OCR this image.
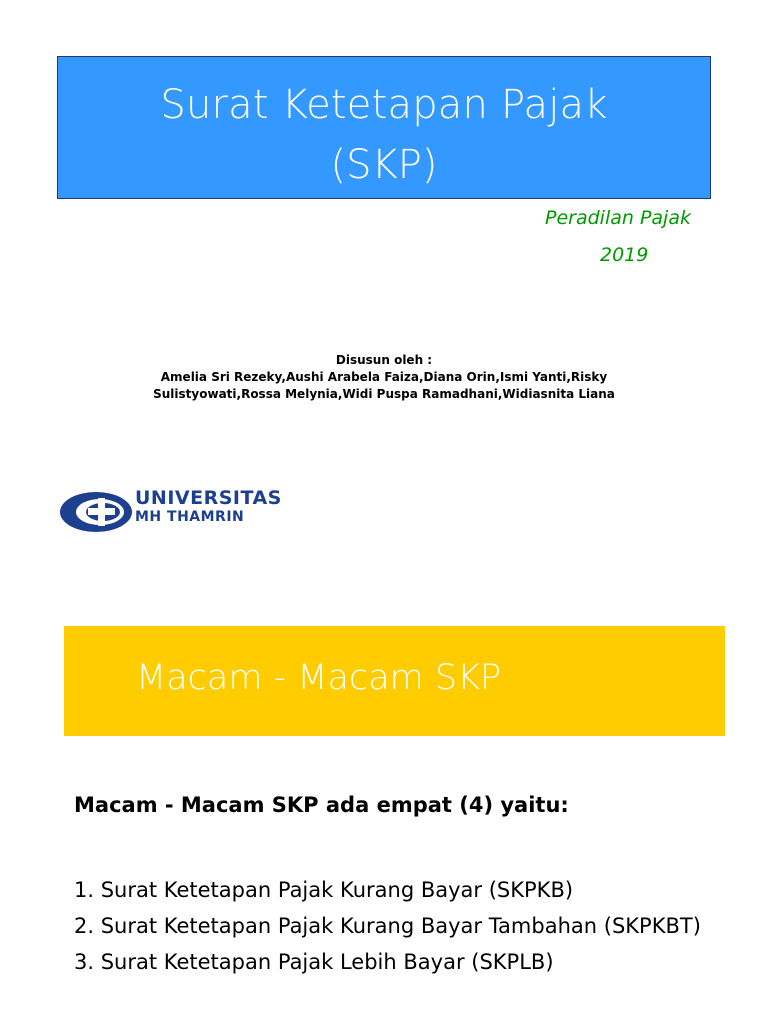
Surat Ketetapan Pajak
(SKP)
Peradilan Pajak
2019
Disusun oleh :
Amelia Sri Rezeky,Aushi Arabela Faiza,Diana Orin,Ismi Yanti,Risky
Sulistyowati,Rossa Melynia,Widi Puspa Ramadhani,Widiasnita Liana
UNIVERSITAS
MH THAMRIN
Macam - Macam SKP
Macam - Macam SKP ada empat (4) yaitu:
1. Surat Ketetapan Pajak Kurang Bayar (SKPKB)
2. Surat Ketetapan Pajak Kurang Bayar Tambahan (SKPKBT)
3. Surat Ketetapan Pajak Lebih Bayar (SKPLB)
